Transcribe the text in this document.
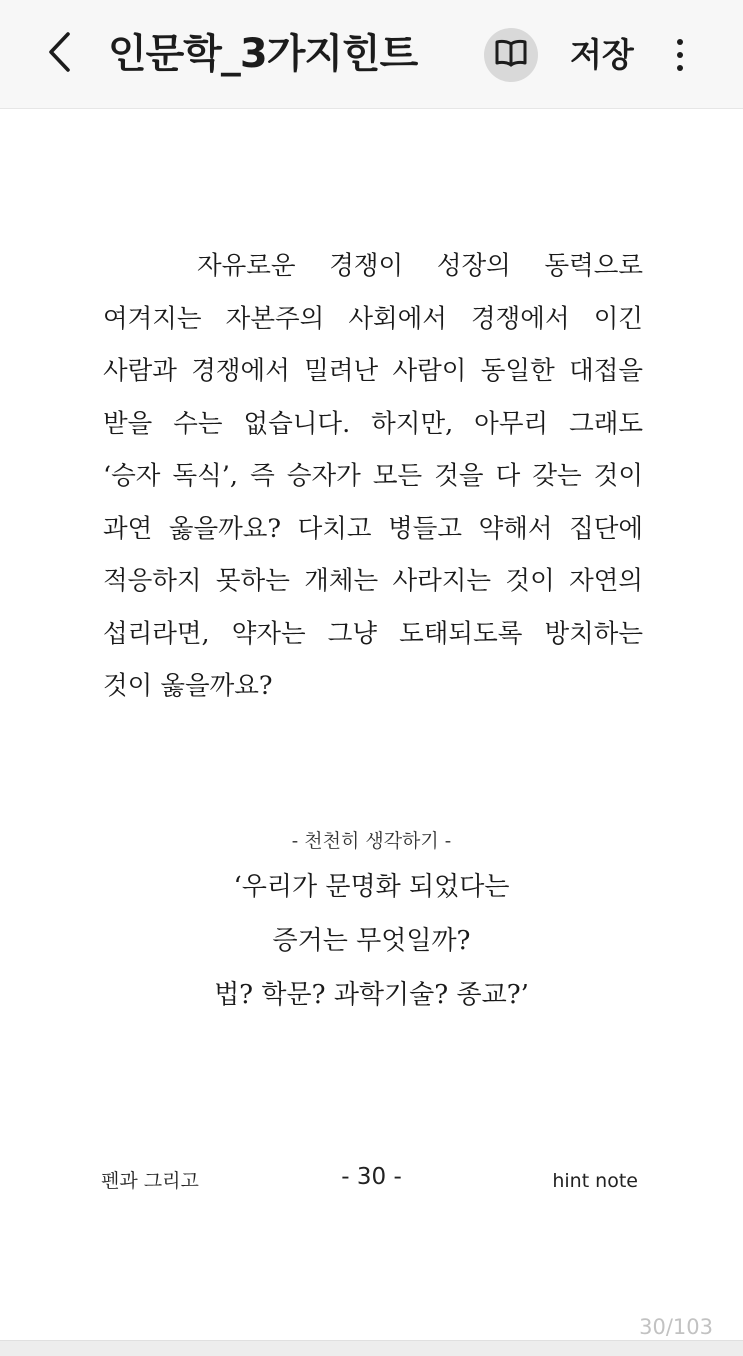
인문학_3가지힌트	저장

자유로운 경쟁이 성장의 동력으로 여겨지는 자본주의 사회에서 경쟁에서 이긴 사람과 경쟁에서 밀려난 사람이 동일한 대접을 받을 수는 없습니다. 하지만, 아무리 그래도 ‘승자 독식’, 즉 승자가 모든 것을 다 갖는 것이 과연 옳을까요? 다치고 병들고 약해서 집단에 적응하지 못하는 개체는 사라지는 것이 자연의 섭리라면, 약자는 그냥 도태되도록 방치하는 것이 옳을까요?

- 천천히 생각하기 -
‘우리가 문명화 되었다는
증거는 무엇일까?
법? 학문? 과학기술? 종교?’
펜과 그리고	- 30 -	hint note
30/103
